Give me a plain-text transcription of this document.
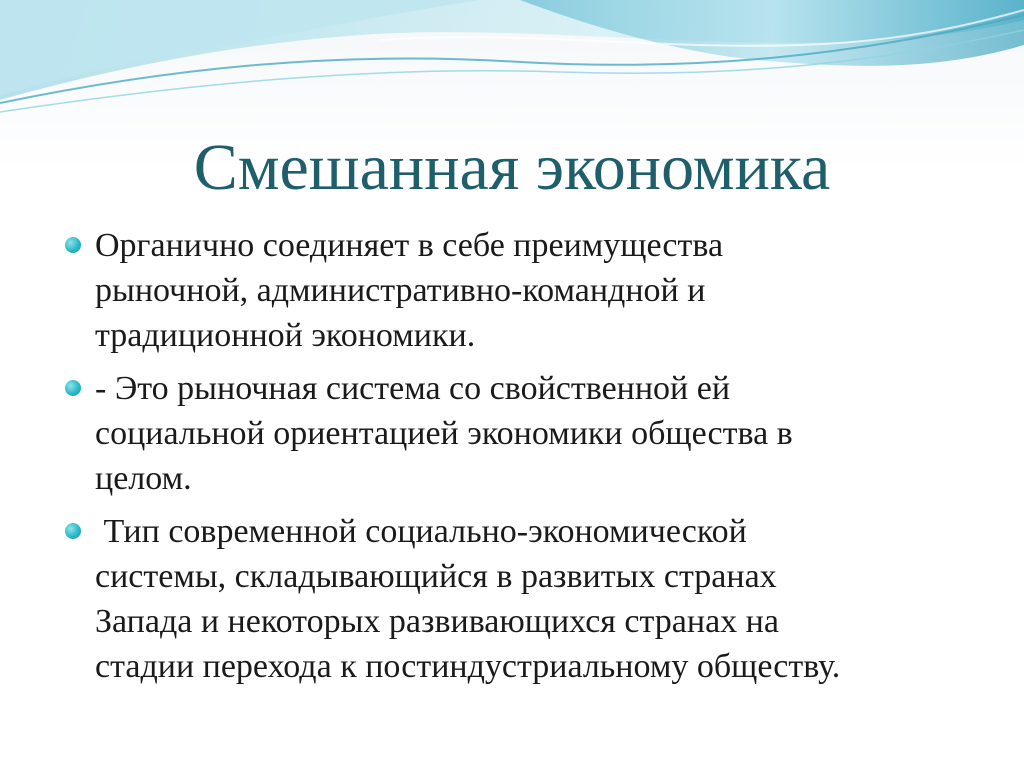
Смешанная экономика
Органично соединяет в себе преимущества
рыночной, административно-командной и
традиционной экономики.
- Это рыночная система со свойственной ей
социальной ориентацией экономики общества в
целом.
Тип современной социально-экономической
системы, складывающийся в развитых странах
Запада и некоторых развивающихся странах на
стадии перехода к постиндустриальному обществу.
